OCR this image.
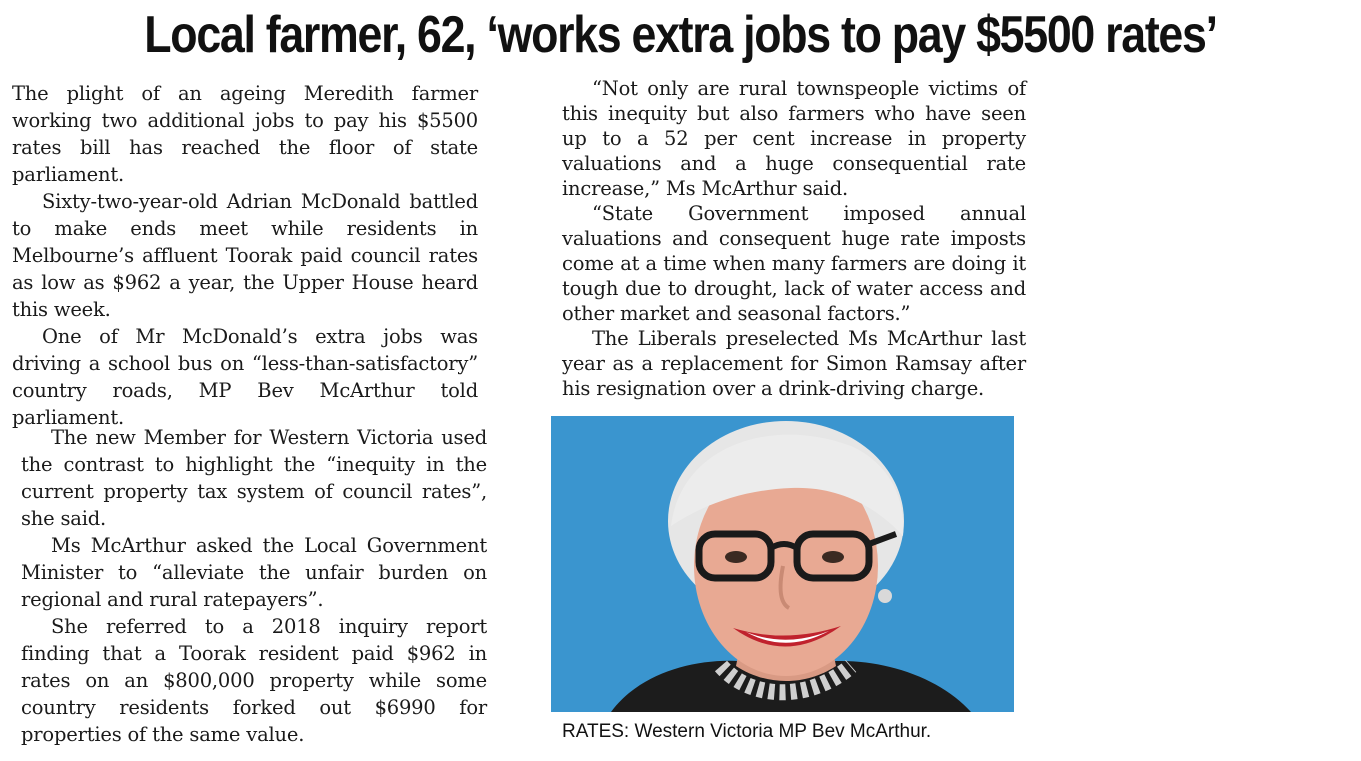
Local farmer, 62, ‘works extra jobs to pay $5500 rates’

The plight of an ageing Meredith farmer working two additional jobs to pay his $5500 rates bill has reached the floor of state parliament.

Sixty-two-year-old Adrian McDonald battled to make ends meet while residents in Melbourne’s affluent Toorak paid council rates as low as $962 a year, the Upper House heard this week.

One of Mr McDonald’s extra jobs was driving a school bus on “less-than-satisfactory” country roads, MP Bev McArthur told parliament.

The new Member for Western Victoria used the contrast to highlight the “inequity in the current property tax system of council rates”, she said.

Ms McArthur asked the Local Government Minister to “alleviate the unfair burden on regional and rural ratepayers”.

She referred to a 2018 inquiry report finding that a Toorak resident paid $962 in rates on an $800,000 property while some country residents forked out $6990 for properties of the same value.

“Not only are rural townspeople victims of this inequity but also farmers who have seen up to a 52 per cent increase in property valuations and a huge consequential rate increase,” Ms McArthur said.

“State Government imposed annual valuations and consequent huge rate imposts come at a time when many farmers are doing it tough due to drought, lack of water access and other market and seasonal factors.”

The Liberals preselected Ms McArthur last year as a replacement for Simon Ramsay after his resignation over a drink-driving charge.

RATES: Western Victoria MP Bev McArthur.
